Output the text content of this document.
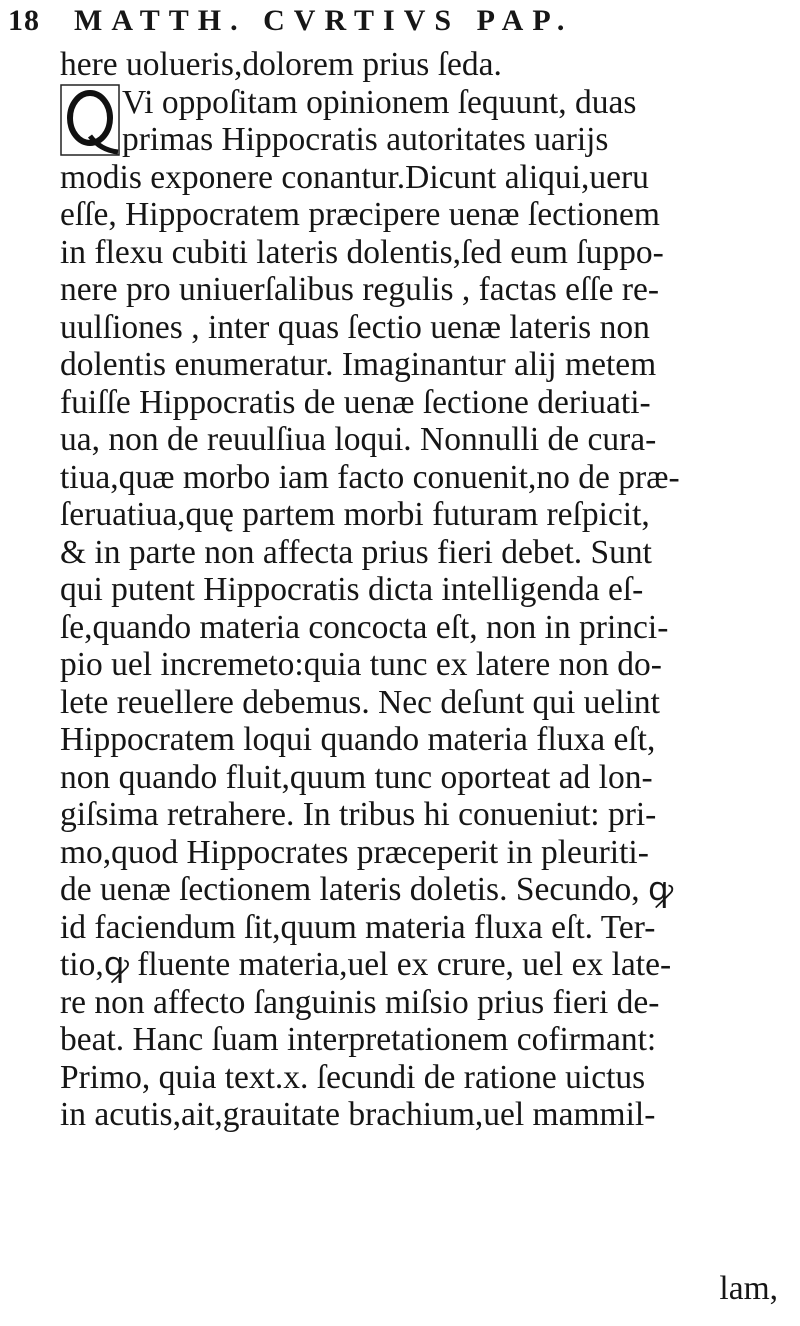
18 MATTH. CVRTIVS PAP.
here uolueris,dolorem prius ſeda.
Vi oppoſitam opinionem ſequunt, duas
primas Hippocratis autoritates uarĳs
modis exponere conantur.Dicunt aliqui,ueru
eſſe, Hippocratem præcipere uenæ ſectionem
in flexu cubiti lateris dolentis,ſed eum ſuppo-
nere pro uniuerſalibus regulis , factas eſſe re-
uulſiones , inter quas ſectio uenæ lateris non
dolentis enumeratur. Imaginantur alĳ metem
fuiſſe Hippocratis de uenæ ſectione deriuati-
ua, non de reuulſiua loqui. Nonnulli de cura-
tiua,quæ morbo iam facto conuenit,no de præ-
ſeruatiua,quę partem morbi futuram reſpicit,
& in parte non affecta prius fieri debet. Sunt
qui putent Hippocratis dicta intelligenda eſ-
ſe,quando materia concocta eſt, non in princi-
pio uel incremeto:quia tunc ex latere non do-
lete reuellere debemus. Nec deſunt qui uelint
Hippocratem loqui quando materia fluxa eſt,
non quando fluit,quum tunc oporteat ad lon-
giſsima retrahere. In tribus hi conueniut: pri-
mo,quod Hippocrates præceperit in pleuriti-
de uenæ ſectionem lateris doletis. Secundo, ꝙ
id faciendum ſit,quum materia fluxa eſt. Ter-
tio,ꝙ fluente materia,uel ex crure, uel ex late-
re non affecto ſanguinis miſsio prius fieri de-
beat. Hanc ſuam interpretationem cofirmant:
Primo, quia text.x. ſecundi de ratione uictus
in acutis,ait,grauitate brachium,uel mammil-
lam,
